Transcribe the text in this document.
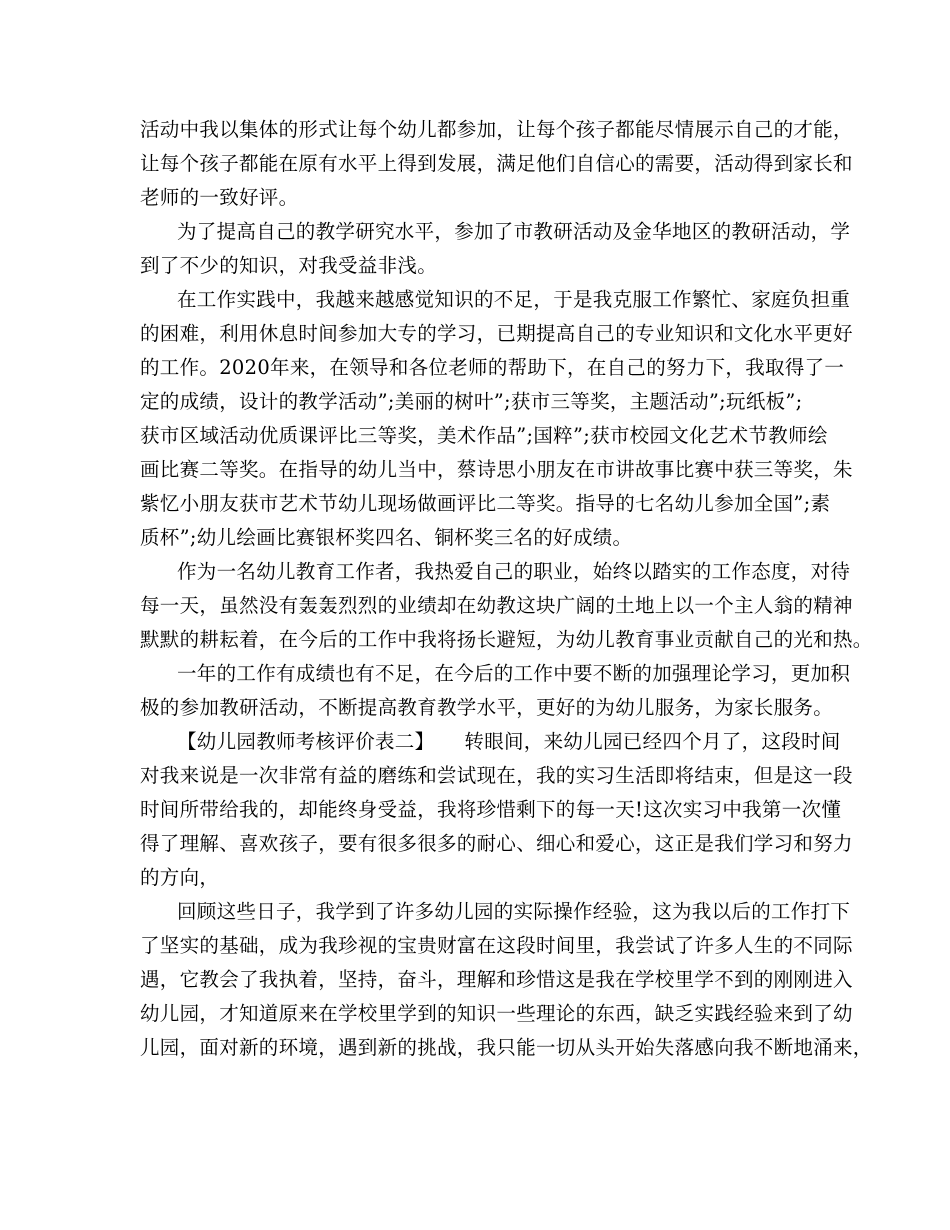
活动中我以集体的形式让每个幼儿都参加，让每个孩子都能尽情展示自己的才能，
让每个孩子都能在原有水平上得到发展，满足他们自信心的需要，活动得到家长和
老师的一致好评。
为了提高自己的教学研究水平，参加了市教研活动及金华地区的教研活动，学
到了不少的知识，对我受益非浅。
在工作实践中，我越来越感觉知识的不足，于是我克服工作繁忙、家庭负担重
的困难，利用休息时间参加大专的学习，已期提高自己的专业知识和文化水平更好
的工作。2020年来，在领导和各位老师的帮助下，在自己的努力下，我取得了一
定的成绩，设计的教学活动”;美丽的树叶”;获市三等奖，主题活动”;玩纸板”;
获市区域活动优质课评比三等奖，美术作品”;国粹”;获市校园文化艺术节教师绘
画比赛二等奖。在指导的幼儿当中，蔡诗思小朋友在市讲故事比赛中获三等奖，朱
紫忆小朋友获市艺术节幼儿现场做画评比二等奖。指导的七名幼儿参加全国”;素
质杯”;幼儿绘画比赛银杯奖四名、铜杯奖三名的好成绩。
作为一名幼儿教育工作者，我热爱自己的职业，始终以踏实的工作态度，对待
每一天，虽然没有轰轰烈烈的业绩却在幼教这块广阔的土地上以一个主人翁的精神
默默的耕耘着，在今后的工作中我将扬长避短，为幼儿教育事业贡献自己的光和热。
一年的工作有成绩也有不足，在今后的工作中要不断的加强理论学习，更加积
极的参加教研活动，不断提高教育教学水平，更好的为幼儿服务，为家长服务。
【幼儿园教师考核评价表二】 转眼间，来幼儿园已经四个月了，这段时间
对我来说是一次非常有益的磨练和尝试现在，我的实习生活即将结束，但是这一段
时间所带给我的，却能终身受益，我将珍惜剩下的每一天!这次实习中我第一次懂
得了理解、喜欢孩子，要有很多很多的耐心、细心和爱心，这正是我们学习和努力
的方向，
回顾这些日子，我学到了许多幼儿园的实际操作经验，这为我以后的工作打下
了坚实的基础，成为我珍视的宝贵财富在这段时间里，我尝试了许多人生的不同际
遇，它教会了我执着，坚持，奋斗，理解和珍惜这是我在学校里学不到的刚刚进入
幼儿园，才知道原来在学校里学到的知识一些理论的东西，缺乏实践经验来到了幼
儿园，面对新的环境，遇到新的挑战，我只能一切从头开始失落感向我不断地涌来，
